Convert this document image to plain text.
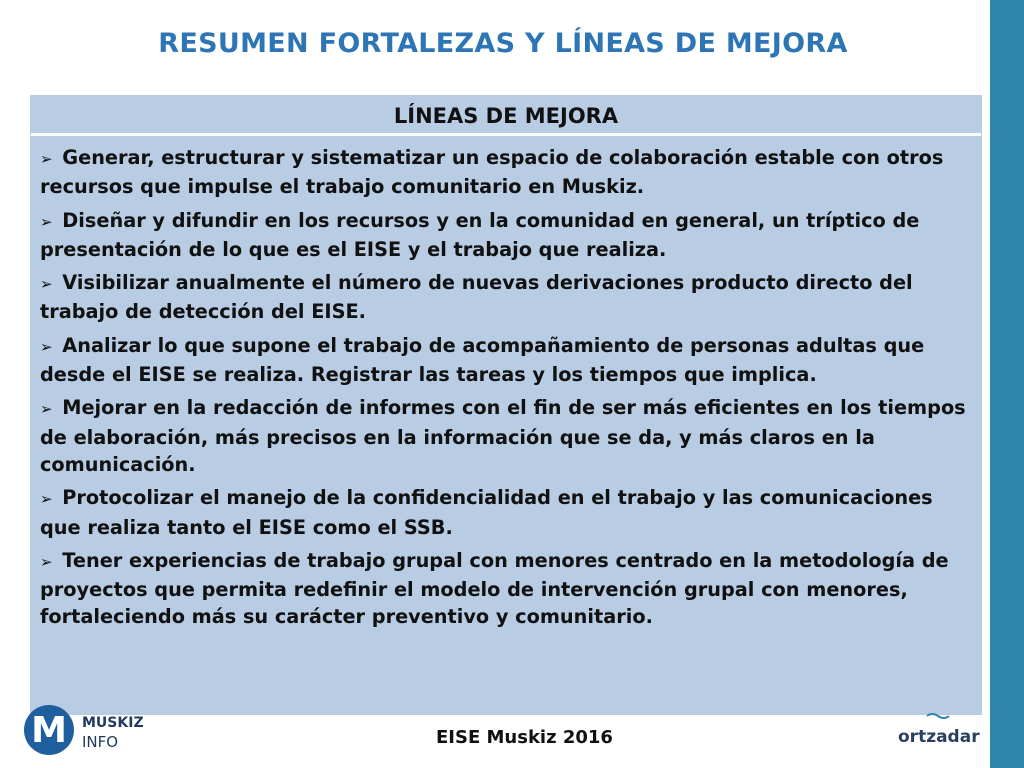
RESUMEN FORTALEZAS Y LÍNEAS DE MEJORA
LÍNEAS DE MEJORA
➢ Generar, estructurar y sistematizar un espacio de colaboración estable con otros recursos que impulse el trabajo comunitario en Muskiz.
➢ Diseñar y difundir en los recursos y en la comunidad en general, un tríptico de presentación de lo que es el EISE y el trabajo que realiza.
➢ Visibilizar anualmente el número de nuevas derivaciones producto directo del trabajo de detección del EISE.
➢ Analizar lo que supone el trabajo de acompañamiento de personas adultas que desde el EISE se realiza. Registrar las tareas y los tiempos que implica.
➢ Mejorar en la redacción de informes con el fin de ser más eficientes en los tiempos de elaboración, más precisos en la información que se da, y más claros en la comunicación.
➢ Protocolizar el manejo de la confidencialidad en el trabajo y las comunicaciones que realiza tanto el EISE como el SSB.
➢ Tener experiencias de trabajo grupal con menores centrado en la metodología de proyectos que permita redefinir el modelo de intervención grupal con menores, fortaleciendo más su carácter preventivo y comunitario.
M	MUSKIZ
INFO	EISE Muskiz 2016	ortzadar
